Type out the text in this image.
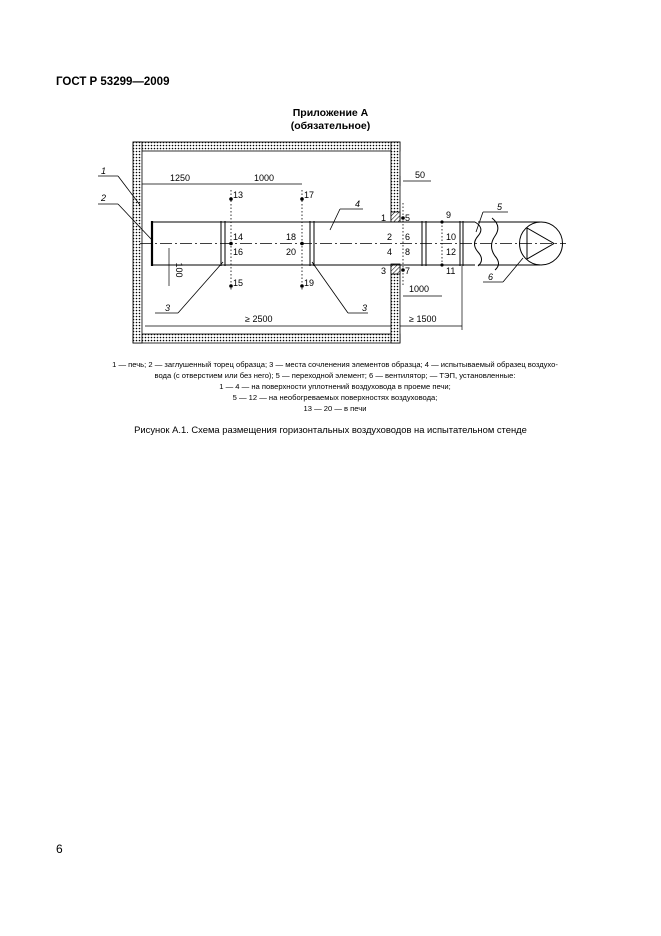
ГОСТ Р 53299—2009
Приложение А
(обязательное)
1
2
3	3
4	5
6
1250	1000	50
100
≥ 2500
1000
≥ 1500
13	17
14
16
18
20
15	19
1 5
2 6
4 8
3 7
9
10
12
11
1 — печь; 2 — заглушенный торец образца; 3 — места сочленения элементов образца; 4 — испытываемый образец воздухо-
вода (с отверстием или без него); 5 — переходной элемент; 6 — вентилятор; — ТЭП, установленные:
1 — 4 — на поверхности уплотнений воздуховода в проеме печи;
5 — 12 — на необогреваемых поверхностях воздуховода;
13 — 20 — в печи
Рисунок А.1. Схема размещения горизонтальных воздуховодов на испытательном стенде
6
